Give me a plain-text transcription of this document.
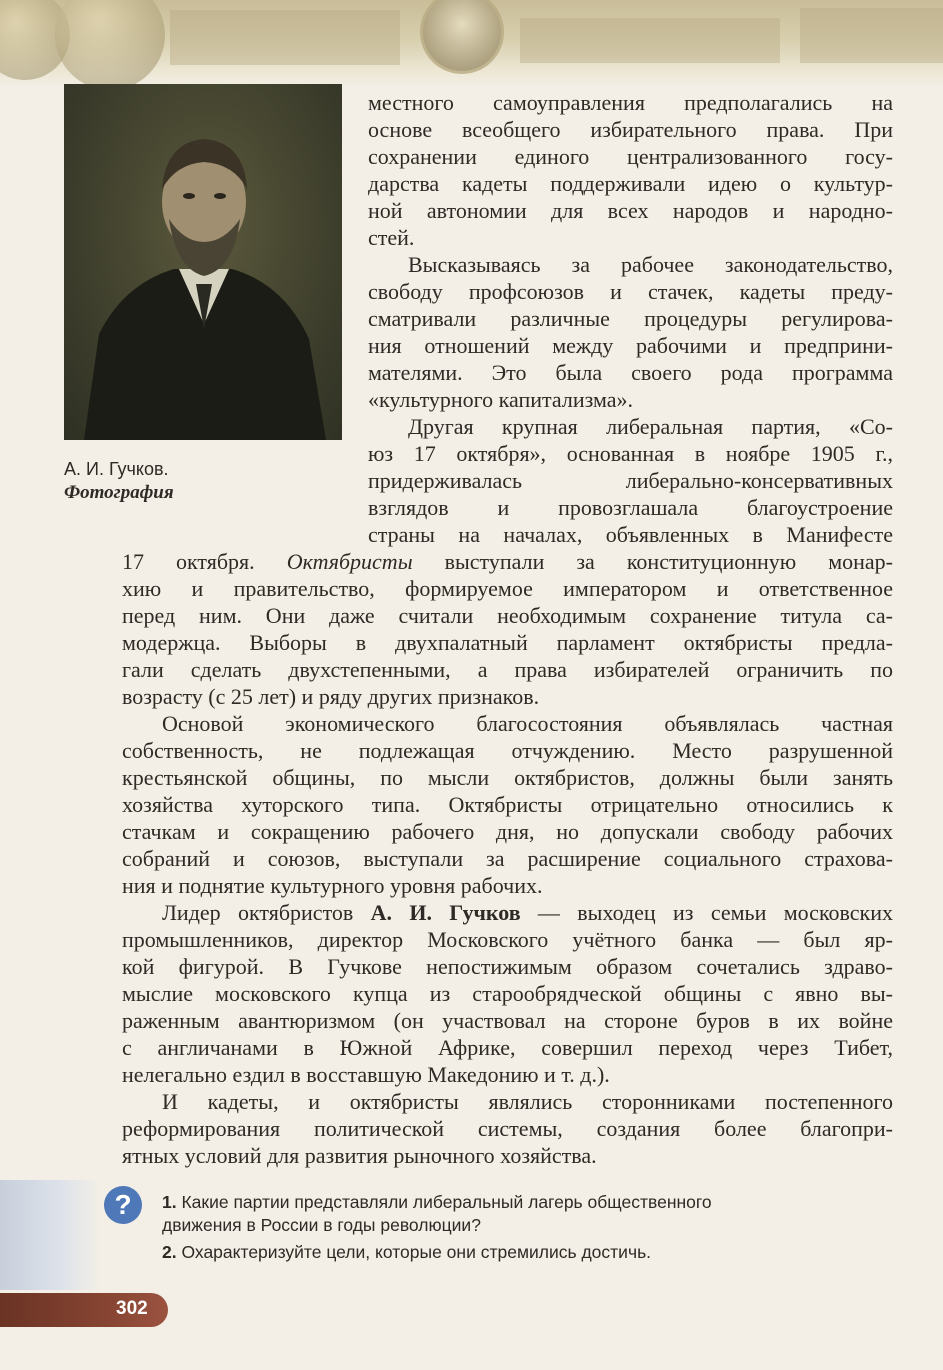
А. И. Гучков.
Фотография
местного самоуправления предполагались на
основе всеобщего избирательного права. При
сохранении единого централизованного госу-
дарства кадеты поддерживали идею о культур-
ной автономии для всех народов и народно-
стей.
Высказываясь за рабочее законодательство,
свободу профсоюзов и стачек, кадеты преду-
сматривали различные процедуры регулирова-
ния отношений между рабочими и предприни-
мателями. Это была своего рода программа
«культурного капитализма».
Другая крупная либеральная партия, «Со-
юз 17 октября», основанная в ноябре 1905 г.,
придерживалась либерально-консервативных
взглядов и провозглашала благоустроение
страны на началах, объявленных в Манифесте
17 октября. Октябристы выступали за конституционную монар-
хию и правительство, формируемое императором и ответственное
перед ним. Они даже считали необходимым сохранение титула са-
модержца. Выборы в двухпалатный парламент октябристы предла-
гали сделать двухстепенными, а права избирателей ограничить по
возрасту (с 25 лет) и ряду других признаков.
Основой экономического благосостояния объявлялась частная
собственность, не подлежащая отчуждению. Место разрушенной
крестьянской общины, по мысли октябристов, должны были занять
хозяйства хуторского типа. Октябристы отрицательно относились к
стачкам и сокращению рабочего дня, но допускали свободу рабочих
собраний и союзов, выступали за расширение социального страхова-
ния и поднятие культурного уровня рабочих.
Лидер октябристов А. И. Гучков — выходец из семьи московских
промышленников, директор Московского учётного банка — был яр-
кой фигурой. В Гучкове непостижимым образом сочетались здраво-
мыслие московского купца из старообрядческой общины с явно вы-
раженным авантюризмом (он участвовал на стороне буров в их войне
с англичанами в Южной Африке, совершил переход через Тибет,
нелегально ездил в восставшую Македонию и т. д.).
И кадеты, и октябристы являлись сторонниками постепенного
реформирования политической системы, создания более благопри-
ятных условий для развития рыночного хозяйства.
?	1. Какие партии представляли либеральный лагерь общественного
движения в России в годы революции?
2. Охарактеризуйте цели, которые они стремились достичь.
302
